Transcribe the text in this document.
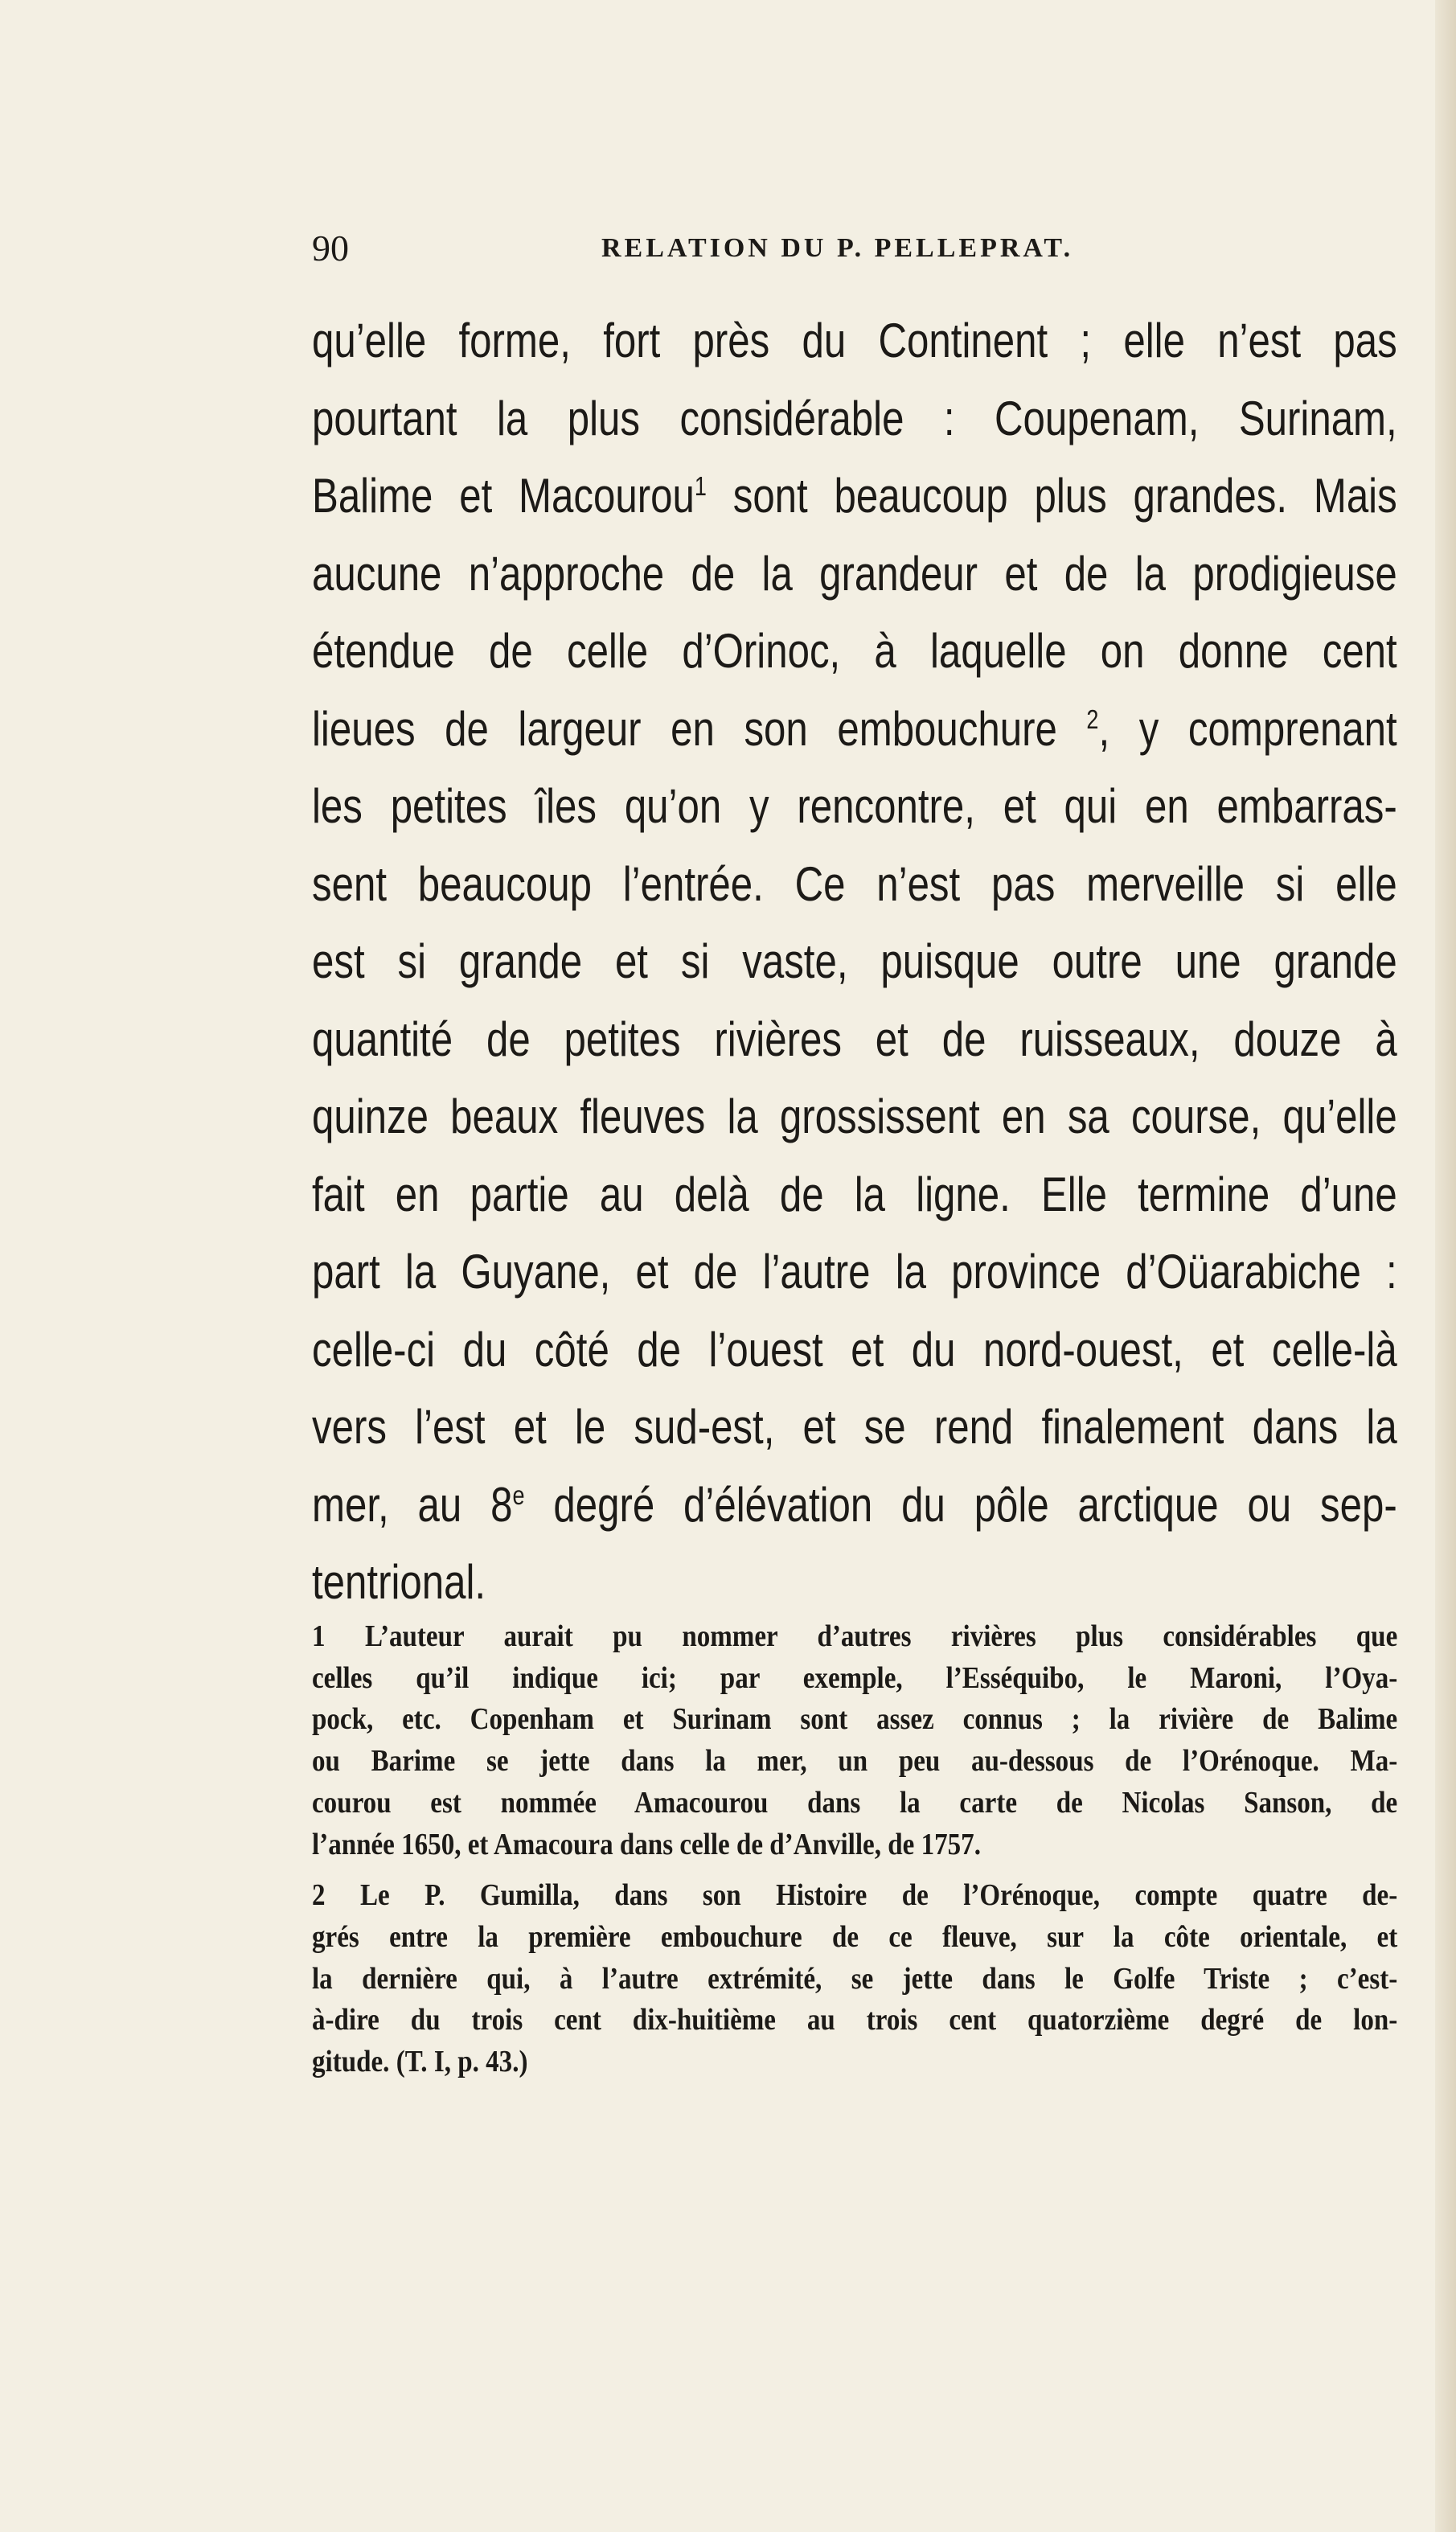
90	RELATION DU P. PELLEPRAT.
qu’elle forme, fort près du Continent ; elle n’est pas
pourtant la plus considérable : Coupenam, Surinam,
Balime et Macourou$^1$ sont beaucoup plus grandes. Mais
aucune n’approche de la grandeur et de la prodigieuse
étendue de celle d’Orinoc, à laquelle on donne cent
lieues de largeur en son embouchure $^2$, y comprenant
les petites îles qu’on y rencontre, et qui en embarras-
sent beaucoup l’entrée. Ce n’est pas merveille si elle
est si grande et si vaste, puisque outre une grande
quantité de petites rivières et de ruisseaux, douze à
quinze beaux fleuves la grossissent en sa course, qu’elle
fait en partie au delà de la ligne. Elle termine d’une
part la Guyane, et de l’autre la province d’Oüarabiche :
celle-ci du côté de l’ouest et du nord-ouest, et celle-là
vers l’est et le sud-est, et se rend finalement dans la
mer, au 8e degré d’élévation du pôle arctique ou sep-
tentrional.
1 L’auteur aurait pu nommer d’autres rivières plus considérables que
celles qu’il indique ici; par exemple, l’Esséquibo, le Maroni, l’Oya-
pock, etc. Copenham et Surinam sont assez connus ; la rivière de Balime
ou Barime se jette dans la mer, un peu au-dessous de l’Orénoque. Ma-
courou est nommée Amacourou dans la carte de Nicolas Sanson, de
l’année 1650, et Amacoura dans celle de d’Anville, de 1757.
2 Le P. Gumilla, dans son Histoire de l’Orénoque, compte quatre de-
grés entre la première embouchure de ce fleuve, sur la côte orientale, et
la dernière qui, à l’autre extrémité, se jette dans le Golfe Triste ; c’est-
à-dire du trois cent dix-huitième au trois cent quatorzième degré de lon-
gitude. (T. I, p. 43.)
